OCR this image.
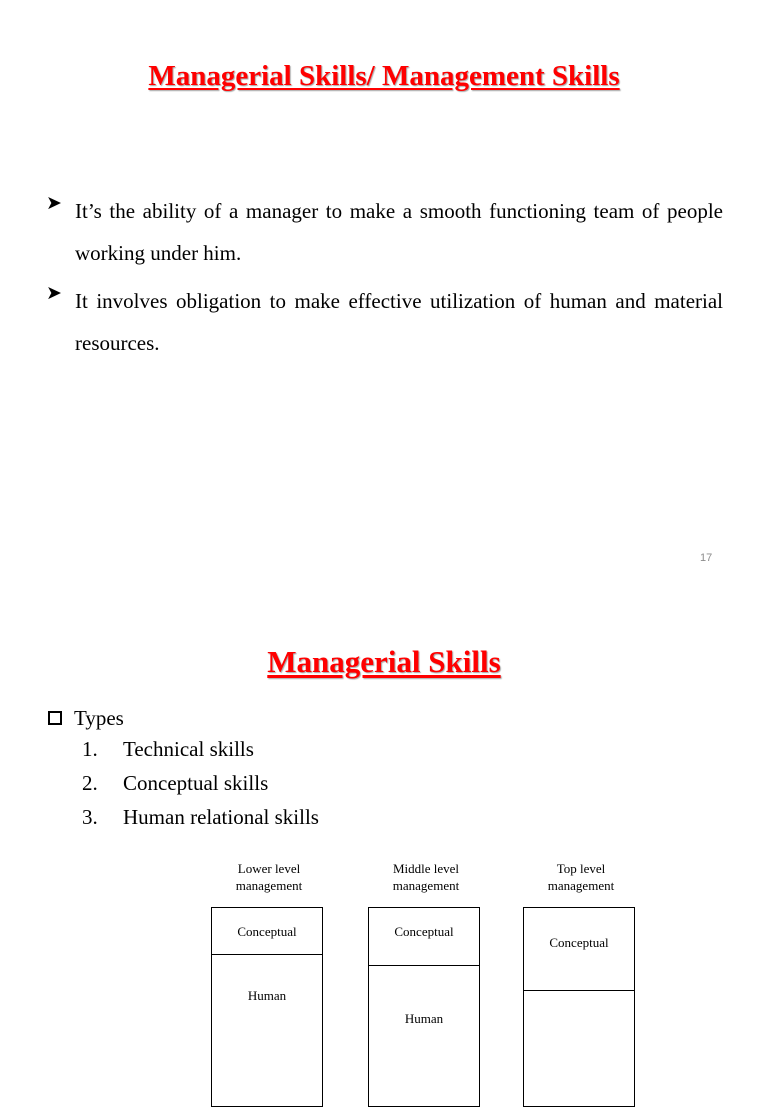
Managerial Skills/ Management Skills
➤ It’s the ability of a manager to make a smooth functioning team of people working under him.
➤ It involves obligation to make effective utilization of human and material resources.
17
Managerial Skills
Types
1.	Technical skills
2.	Conceptual skills
3.	Human relational skills
Lower level management
Conceptual
Human
Middle level management
Conceptual
Human
Top level management
Conceptual
